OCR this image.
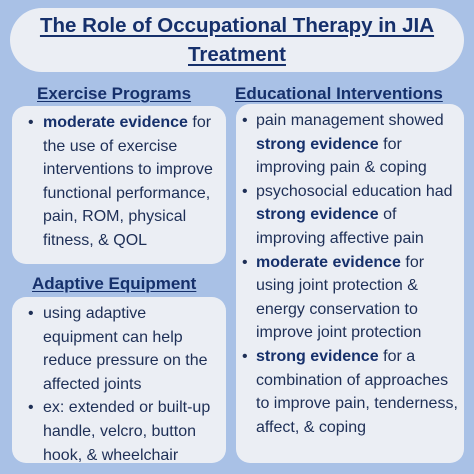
The Role of Occupational Therapy in JIA
Treatment
Exercise Programs
• moderate evidence for the use of exercise interventions to improve functional performance, pain, ROM, physical fitness, & QOL
Adaptive Equipment
• using adaptive equipment can help reduce pressure on the affected joints
• ex: extended or built-up handle, velcro, button hook, & wheelchair
Educational Interventions
• pain management showed strong evidence for improving pain & coping
• psychosocial education had strong evidence of improving affective pain
• moderate evidence for using joint protection & energy conservation to improve joint protection
• strong evidence for a combination of approaches to improve pain, tenderness, affect, & coping
